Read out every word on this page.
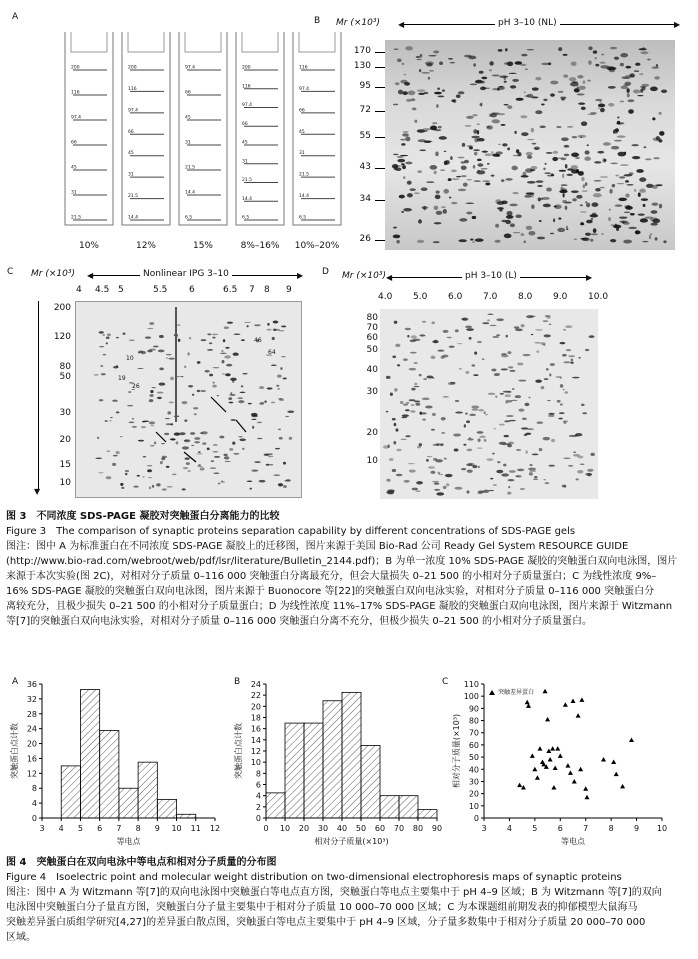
A
200
116
97.4
66
45
31
21.5
10%
200
116
97.4
66
45
31
21.5
14.4
12%
97.4
66
45
31
21.5
14.4
6.5
15%
200
116
97.4
66
45
31
21.5
14.4
6.5
8%–16%
116
97.4
66
45
31
21.5
14.4
6.5
10%–20%
B Mr (×10³) ◀	▶
pH 3–10 (NL)
170
130
95
72
55
43
34
26
C Mr (×10³) ◀	▶
Nonlinear IPG 3–10
4 4.5 5	5.5 6	6.5 7 8 9
200
120
80
50
30
20
15
10
▼
46
64
10
19
26
D Mr (×10³) ◀	▶
pH 3–10 (L)
4.0 5.0 6.0 7.0 8.0 9.0 10.0
80
70
60
50
40
30
20
10
图 3　不同浓度 SDS-PAGE 凝胶对突触蛋白分离能力的比较
Figure 3　The comparison of synaptic proteins separation capability by different concentrations of SDS-PAGE gels
图注：图中 A 为标准蛋白在不同浓度 SDS-PAGE 凝胶上的迁移图，图片来源于美国 Bio-Rad 公司 Ready Gel System RESOURCE GUIDE
(http://www.bio-rad.com/webroot/web/pdf/lsr/literature/Bulletin_2144.pdf)；B 为单一浓度 10% SDS-PAGE 凝胶的突触蛋白双向电泳图，图片
来源于本次实验(图 2C)，对相对分子质量 0–116 000 突触蛋白分离最充分，但会大量损失 0–21 500 的小相对分子质量蛋白；C 为线性浓度 9%–
16% SDS-PAGE 凝胶的突触蛋白双向电泳图，图片来源于 Buonocore 等[22]的突触蛋白双向电泳实验，对相对分子质量 0–116 000 突触蛋白分
离较充分，且极少损失 0–21 500 的小相对分子质量蛋白；D 为线性浓度 11%–17% SDS-PAGE 凝胶的突触蛋白双向电泳图，图片来源于 Witzmann
等[7]的突触蛋白双向电泳实验，对相对分子质量 0–116 000 突触蛋白分离不充分，但极少损失 0–21 500 的小相对分子质量蛋白。
A
0
4
8
12
16
20
24
28
32
36
3 4 5 6 7 8 9 10 11 12
等电点
突触蛋白点计数
B
0
2
4
6
8
10
12
14
16
18
20
22
24
0 10 20 30 40 50 60 70 80 90
相对分子质量(×10³)
突触蛋白点计数
C
0
10
20
30
40
50
60
70
80
90
100
110
3	4	5	6	7	8	9 10
突触差异蛋白
等电点
相对分子质量(×10³)
图 4　突触蛋白在双向电泳中等电点和相对分子质量的分布图
Figure 4　Isoelectric point and molecular weight distribution on two-dimensional electrophoresis maps of synaptic proteins
图注：图中 A 为 Witzmann 等[7]的双向电泳图中突触蛋白等电点直方图，突触蛋白等电点主要集中于 pH 4–9 区域；B 为 Witzmann 等[7]的双向
电泳图中突触蛋白分子量直方图，突触蛋白分子量主要集中于相对分子质量 10 000–70 000 区域；C 为本课题组前期发表的抑郁模型大鼠海马
突触差异蛋白质组学研究[4,27]的差异蛋白散点图，突触蛋白等电点主要集中于 pH 4–9 区域，分子量多数集中于相对分子质量 20 000–70 000
区域。
